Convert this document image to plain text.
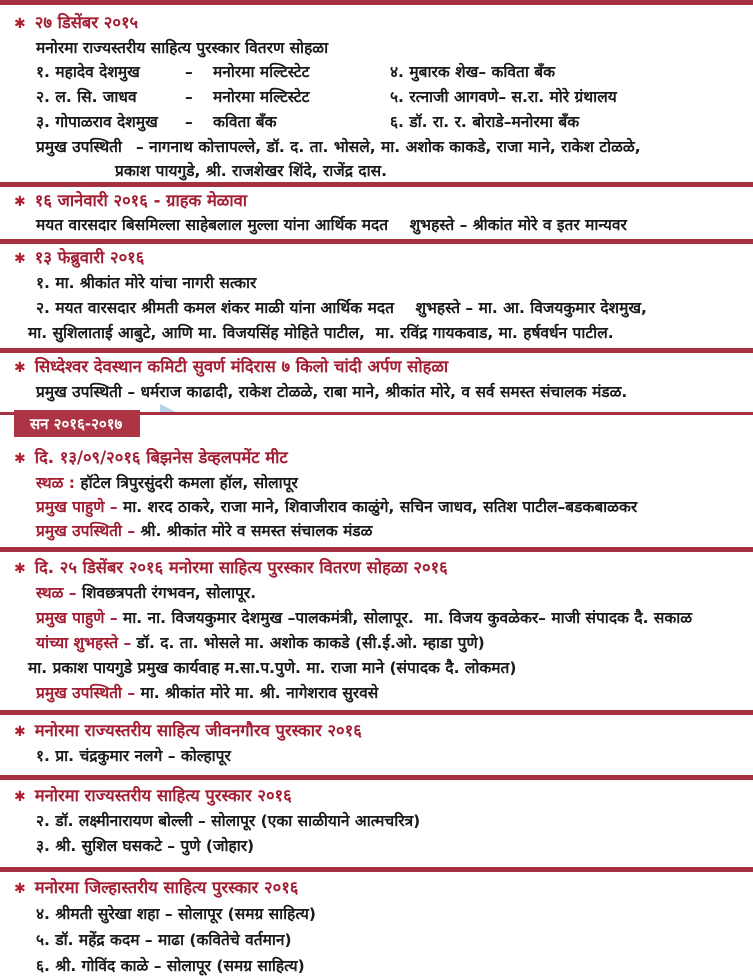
✱ २७ डिसेंबर २०१५
मनोरमा राज्यस्तरीय साहित्य पुरस्कार वितरण सोहळा
१. महादेव देशमुख	–	मनोरमा मल्टिस्टेट	४. मुबारक शेख– कविता बँक
२. ल. सि. जाधव	–	मनोरमा मल्टिस्टेट	५. रत्नाजी आगवणे– स.रा. मोरे ग्रंथालय
३. गोपाळराव देशमुख	–	कविता बँक	६. डॉ. रा. र. बोराडे–मनोरमा बँक
प्रमुख उपस्थिती – नागनाथ कोत्तापल्ले, डॉ. द. ता. भोसले, मा. अशोक काकडे, राजा माने, राकेश टोळळे,
प्रकाश पायगुडे, श्री. राजशेखर शिंदे, राजेंद्र दास.
✱ १६ जानेवारी २०१६ - ग्राहक मेळावा
मयत वारसदार बिसमिल्ला साहेबलाल मुल्ला यांना आर्थिक मदत    शुभहस्ते – श्रीकांत मोरे व इतर मान्यवर
✱ १३ फेब्रुवारी २०१६
१. मा. श्रीकांत मोरे यांचा नागरी सत्कार
२. मयत वारसदार श्रीमती कमल शंकर माळी यांना आर्थिक मदत    शुभहस्ते – मा. आ. विजयकुमार देशमुख,
मा. सुशिलाताई आबुटे, आणि मा. विजयसिंह मोहिते पाटील,  मा. रविंद्र गायकवाड, मा. हर्षवर्धन पाटील.
✱ सिध्देश्वर देवस्थान कमिटी सुवर्ण मंदिरास ७ किलो चांदी अर्पण सोहळा
प्रमुख उपस्थिती – धर्मराज काढादी, राकेश टोळळे, राबा माने, श्रीकांत मोरे, व सर्व समस्त संचालक मंडळ.
सन २०१६-२०१७
✱ दि. १३/०९/२०१६ बिझनेस डेव्हलपमेंट मीट
स्थळ : हॉटेल त्रिपुरसुंदरी कमला हॉल, सोलापूर
प्रमुख पाहुणे – मा. शरद ठाकरे, राजा माने, शिवाजीराव काळुंगे, सचिन जाधव, सतिश पाटील–बडकबाळकर
प्रमुख उपस्थिती – श्री. श्रीकांत मोरे व समस्त संचालक मंडळ
✱ दि. २५ डिसेंबर २०१६ मनोरमा साहित्य पुरस्कार वितरण सोहळा २०१६
स्थळ – शिवछत्रपती रंगभवन, सोलापूर.
प्रमुख पाहुणे – मा. ना. विजयकुमार देशमुख –पालकमंत्री, सोलापूर.  मा. विजय कुवळेकर– माजी संपादक दै. सकाळ
यांच्या शुभहस्ते – डॉ. द. ता. भोसले मा. अशोक काकडे (सी.ई.ओ. म्हाडा पुणे)
मा. प्रकाश पायगुडे प्रमुख कार्यवाह म.सा.प.पुणे. मा. राजा माने (संपादक दै. लोकमत)
प्रमुख उपस्थिती – मा. श्रीकांत मोरे मा. श्री. नागेशराव सुरवसे
✱ मनोरमा राज्यस्तरीय साहित्य जीवनगौरव पुरस्कार २०१६
१. प्रा. चंद्रकुमार नलगे – कोल्हापूर
✱ मनोरमा राज्यस्तरीय साहित्य पुरस्कार २०१६
२. डॉ. लक्ष्मीनारायण बोल्ली – सोलापूर (एका साळीयाने आत्मचरित्र)
३. श्री. सुशिल घसकटे – पुणे (जोहार)
✱ मनोरमा जिल्हास्तरीय साहित्य पुरस्कार २०१६
४. श्रीमती सुरेखा शहा – सोलापूर (समग्र साहित्य)
५. डॉ. महेंद्र कदम – माढा (कवितेचे वर्तमान)
६. श्री. गोविंद काळे – सोलापूर (समग्र साहित्य)
